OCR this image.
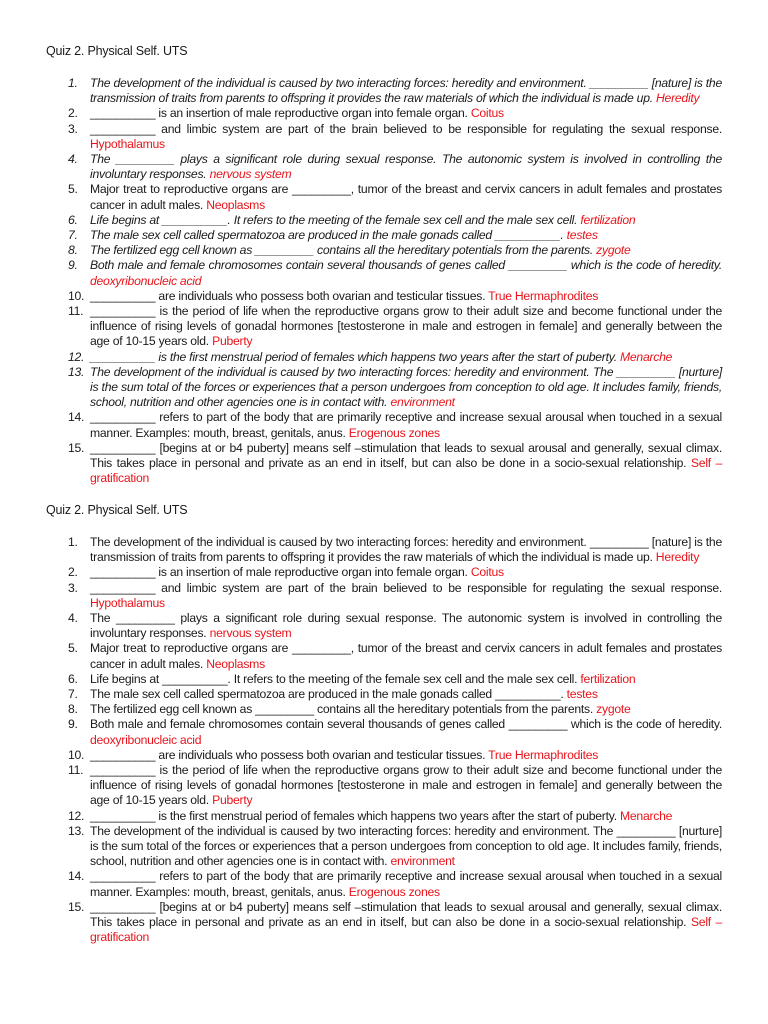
Quiz 2. Physical Self. UTS
1.	The development of the individual is caused by two interacting forces: heredity and environment. _________ [nature] is the transmission of traits from parents to offspring it provides the raw materials of which the individual is made up. Heredity
2.	__________ is an insertion of male reproductive organ into female organ. Coitus
3.	__________ and limbic system are part of the brain believed to be responsible for regulating the sexual response. Hypothalamus
4.	The _________ plays a significant role during sexual response. The autonomic system is involved in controlling the involuntary responses. nervous system
5.	Major treat to reproductive organs are _________, tumor of the breast and cervix cancers in adult females and prostates cancer in adult males. Neoplasms
6.	Life begins at __________. It refers to the meeting of the female sex cell and the male sex cell. fertilization
7.	The male sex cell called spermatozoa are produced in the male gonads called __________. testes
8.	The fertilized egg cell known as _________ contains all the hereditary potentials from the parents. zygote
9.	Both male and female chromosomes contain several thousands of genes called _________ which is the code of heredity. deoxyribonucleic acid
10. __________ are individuals who possess both ovarian and testicular tissues. True Hermaphrodites
11. __________ is the period of life when the reproductive organs grow to their adult size and become functional under the influence of rising levels of gonadal hormones [testosterone in male and estrogen in female] and generally between the age of 10-15 years old. Puberty
12. __________ is the first menstrual period of females which happens two years after the start of puberty. Menarche
13. The development of the individual is caused by two interacting forces: heredity and environment. The _________ [nurture] is the sum total of the forces or experiences that a person undergoes from conception to old age. It includes family, friends, school, nutrition and other agencies one is in contact with. environment
14. __________ refers to part of the body that are primarily receptive and increase sexual arousal when touched in a sexual manner. Examples: mouth, breast, genitals, anus. Erogenous zones
15. __________ [begins at or b4 puberty] means self –stimulation that leads to sexual arousal and generally, sexual climax. This takes place in personal and private as an end in itself, but can also be done in a socio-sexual relationship. Self – gratification
Quiz 2. Physical Self. UTS
1.	The development of the individual is caused by two interacting forces: heredity and environment. _________ [nature] is the transmission of traits from parents to offspring it provides the raw materials of which the individual is made up. Heredity
2.	__________ is an insertion of male reproductive organ into female organ. Coitus
3.	__________ and limbic system are part of the brain believed to be responsible for regulating the sexual response. Hypothalamus
4.	The _________ plays a significant role during sexual response. The autonomic system is involved in controlling the involuntary responses. nervous system
5.	Major treat to reproductive organs are _________, tumor of the breast and cervix cancers in adult females and prostates cancer in adult males. Neoplasms
6.	Life begins at __________. It refers to the meeting of the female sex cell and the male sex cell. fertilization
7.	The male sex cell called spermatozoa are produced in the male gonads called __________. testes
8.	The fertilized egg cell known as _________ contains all the hereditary potentials from the parents. zygote
9.	Both male and female chromosomes contain several thousands of genes called _________ which is the code of heredity. deoxyribonucleic acid
10. __________ are individuals who possess both ovarian and testicular tissues. True Hermaphrodites
11. __________ is the period of life when the reproductive organs grow to their adult size and become functional under the influence of rising levels of gonadal hormones [testosterone in male and estrogen in female] and generally between the age of 10-15 years old. Puberty
12. __________ is the first menstrual period of females which happens two years after the start of puberty. Menarche
13. The development of the individual is caused by two interacting forces: heredity and environment. The _________ [nurture] is the sum total of the forces or experiences that a person undergoes from conception to old age. It includes family, friends, school, nutrition and other agencies one is in contact with. environment
14. __________ refers to part of the body that are primarily receptive and increase sexual arousal when touched in a sexual manner. Examples: mouth, breast, genitals, anus. Erogenous zones
15. __________ [begins at or b4 puberty] means self –stimulation that leads to sexual arousal and generally, sexual climax. This takes place in personal and private as an end in itself, but can also be done in a socio-sexual relationship. Self – gratification
